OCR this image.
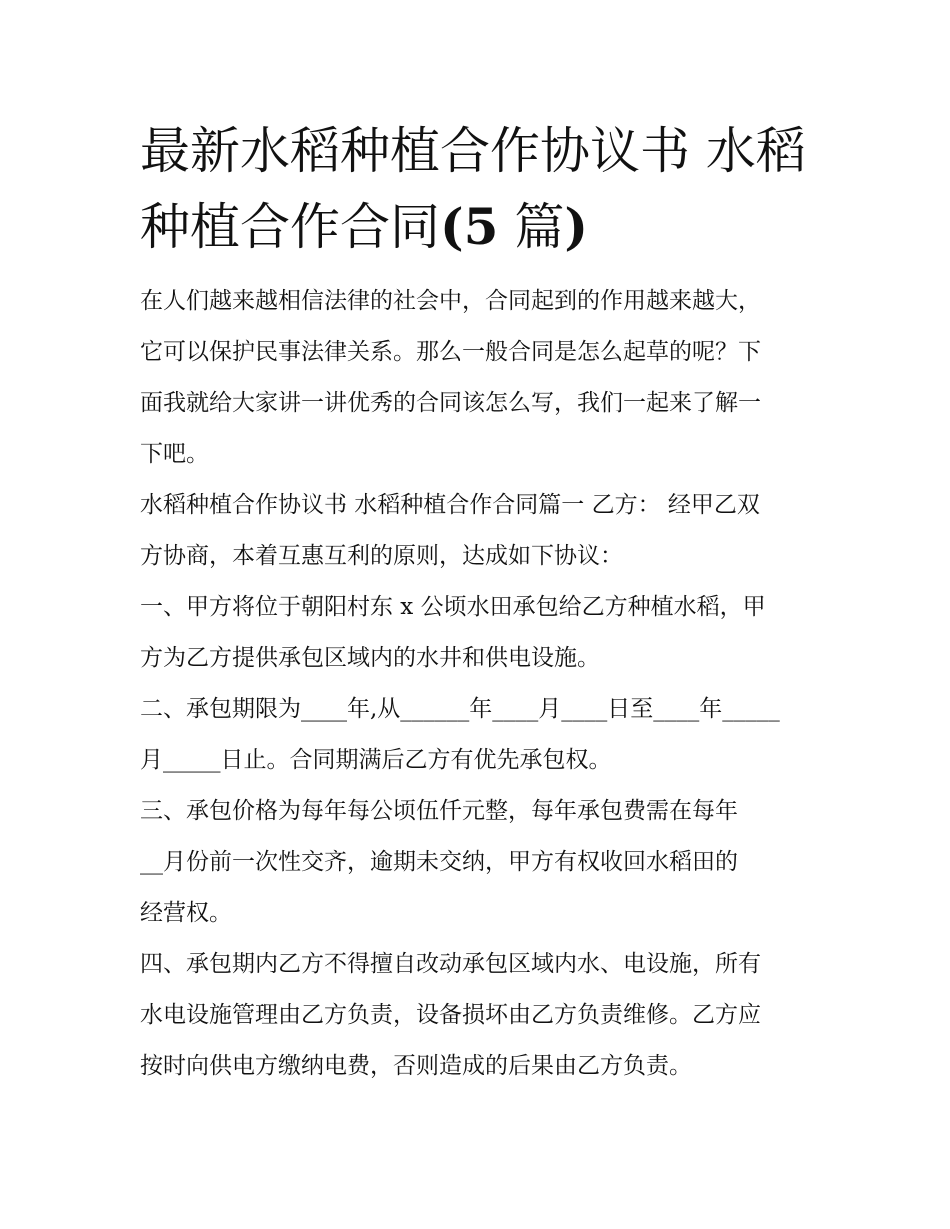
最新水稻种植合作协议书 水稻
种植合作合同(5 篇)
在人们越来越相信法律的社会中，合同起到的作用越来越大，
它可以保护民事法律关系。那么一般合同是怎么起草的呢？下
面我就给大家讲一讲优秀的合同该怎么写，我们一起来了解一
下吧。
水稻种植合作协议书 水稻种植合作合同篇一 乙方： 经甲乙双
方协商，本着互惠互利的原则，达成如下协议：
一、甲方将位于朝阳村东 x 公顷水田承包给乙方种植水稻，甲
方为乙方提供承包区域内的水井和供电设施。
二、承包期限为____年,从______年____月____日至____年_____
月_____日止。合同期满后乙方有优先承包权。
三、承包价格为每年每公顷伍仟元整，每年承包费需在每年
__月份前一次性交齐，逾期未交纳，甲方有权收回水稻田的
经营权。
四、承包期内乙方不得擅自改动承包区域内水、电设施，所有
水电设施管理由乙方负责，设备损坏由乙方负责维修。乙方应
按时向供电方缴纳电费，否则造成的后果由乙方负责。
